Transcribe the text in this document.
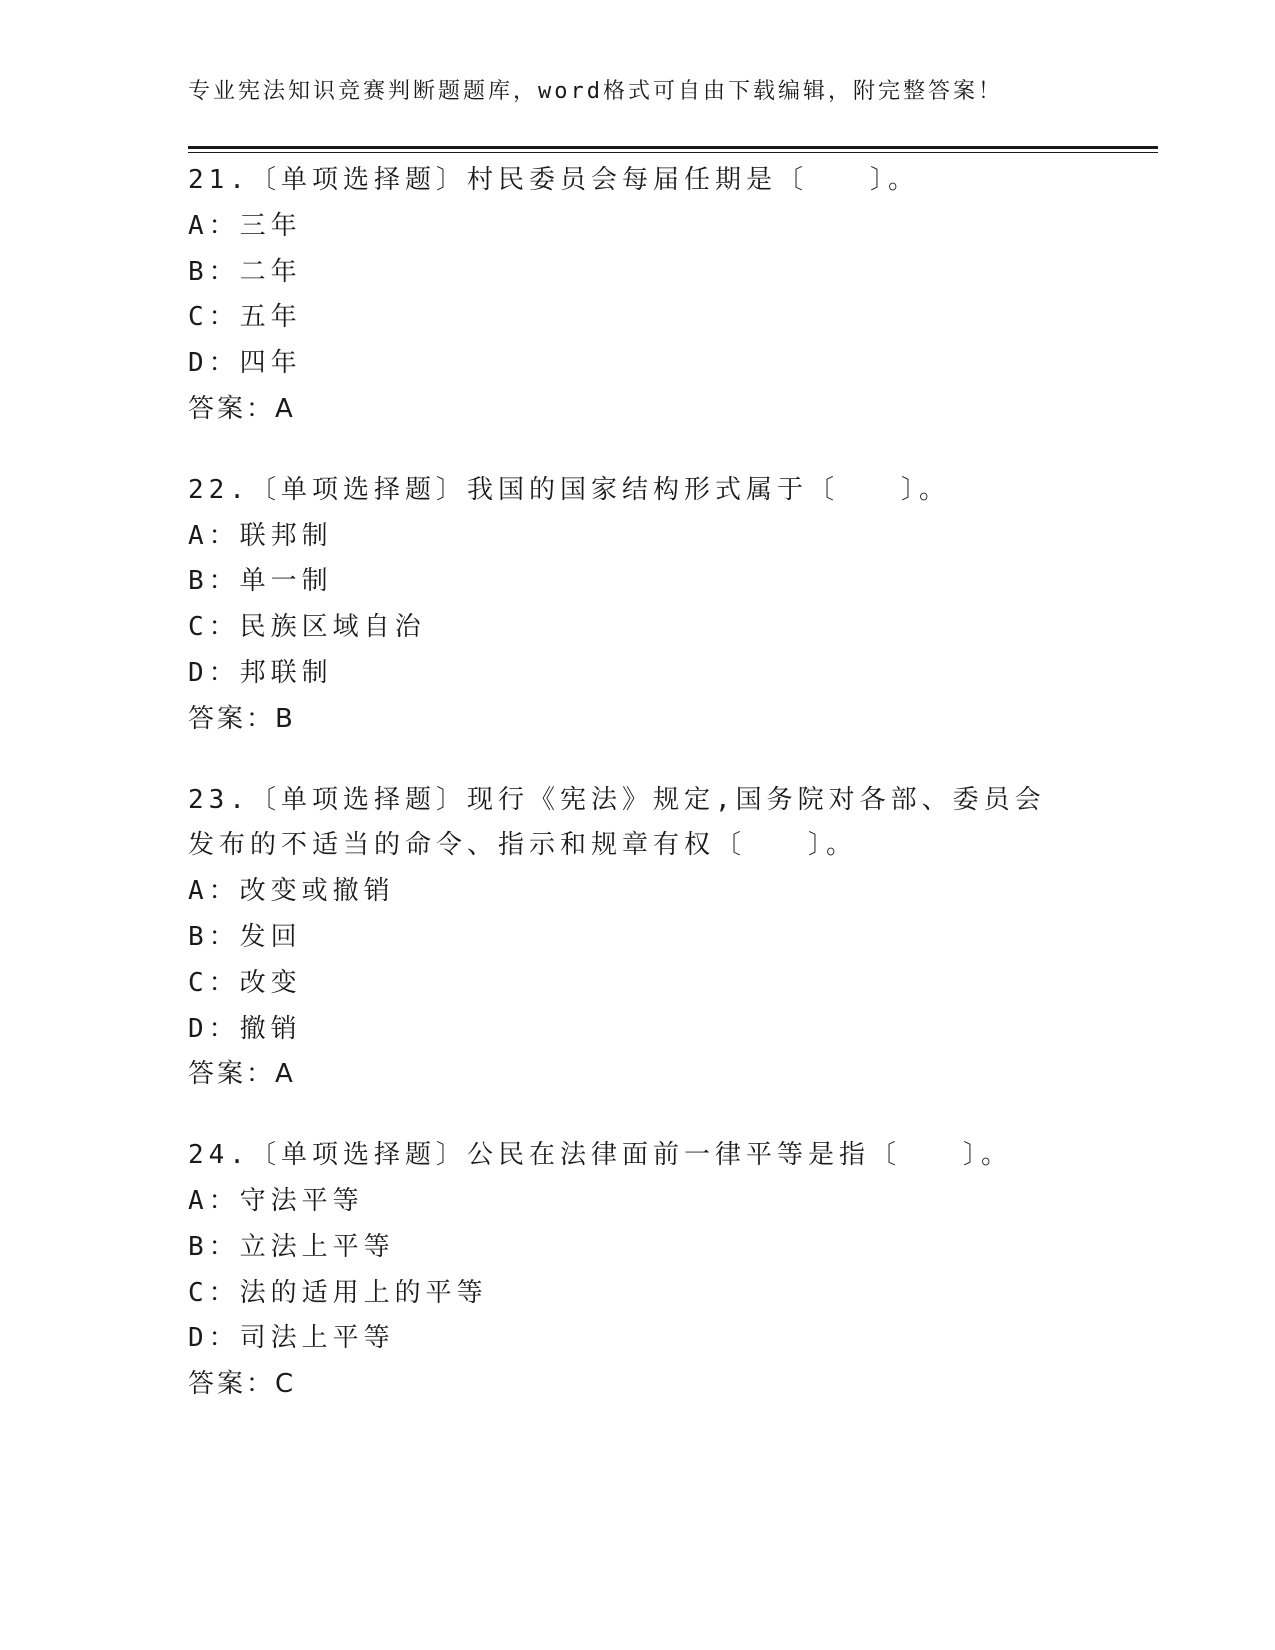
专业宪法知识竞赛判断题题库，word格式可自由下载编辑，附完整答案！
21.〔单项选择题〕村民委员会每届任期是〔　　〕。
A：三年
B：二年
C：五年
D：四年
答案：A
22.〔单项选择题〕我国的国家结构形式属于〔　　〕。
A：联邦制
B：单一制
C：民族区域自治
D：邦联制
答案：B
23.〔单项选择题〕现行《宪法》规定,国务院对各部、委员会发布的不适当的命令、指示和规章有权〔　　〕。
A：改变或撤销
B：发回
C：改变
D：撤销
答案：A
24.〔单项选择题〕公民在法律面前一律平等是指〔　　〕。
A：守法平等
B：立法上平等
C：法的适用上的平等
D：司法上平等
答案：C
